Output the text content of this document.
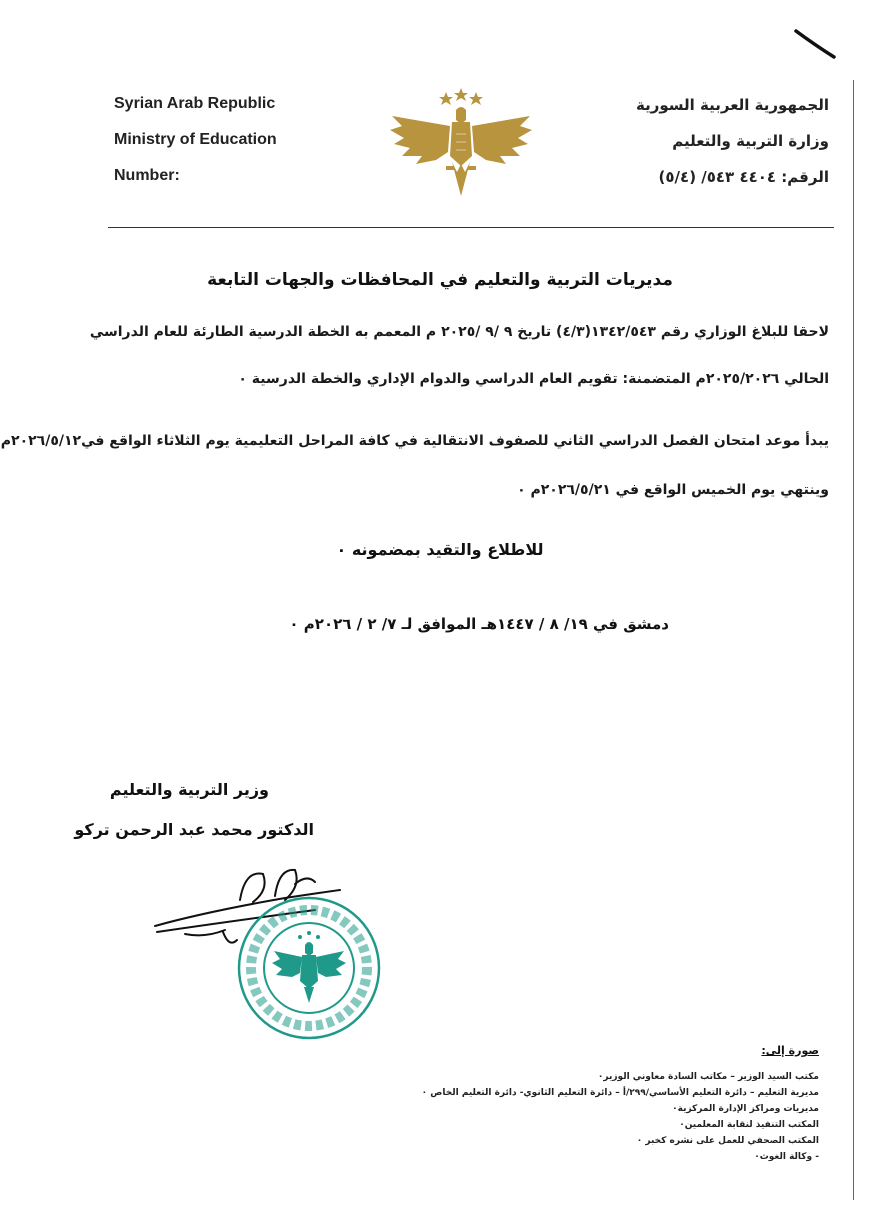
Syrian Arab Republic
Ministry of Education
Number:
الجمهورية العربية السورية
وزارة التربية والتعليم
الرقم: ٤٤٠٤ ٥٤٣/ (٥/٤)
مديريات التربية والتعليم في المحافظات والجهات التابعة
لاحقا للبلاغ الوزاري رقم ١٣٤٢/٥٤٣(٤/٣) تاريخ ٩ /٩ /٢٠٢٥ م المعمم به الخطة الدرسية الطارئة للعام الدراسي
الحالي ٢٠٢٥/٢٠٢٦م المتضمنة: تقويم العام الدراسي والدوام الإداري والخطة الدرسية ٠
يبدأ موعد امتحان الفصل الدراسي الثاني للصفوف الانتقالية في كافة المراحل التعليمية يوم الثلاثاء الواقع في٢٠٢٦/٥/١٢م
وينتهي يوم الخميس الواقع في ٢٠٢٦/٥/٢١م ٠
للاطلاع والتقيد بمضمونه ٠
دمشق في ١٩/ ٨ / ١٤٤٧هـ الموافق لـ ٧/ ٢ / ٢٠٢٦م ٠
وزير التربية والتعليم
الدكتور محمد عبد الرحمن تركو
صورة إلى:
مكتب السيد الوزير – مكاتب السادة معاوني الوزير٠
مديرية التعليم – دائرة التعليم الأساسي/٢٩٩/أ – دائرة التعليم الثانوي- دائرة التعليم الخاص ٠
مديريات ومراكز الإدارة المركزية٠
المكتب التنفيذ لنقابة المعلمين٠
المكتب الصحفي للعمل على نشره كخبر ٠
- وكالة الغوث٠
